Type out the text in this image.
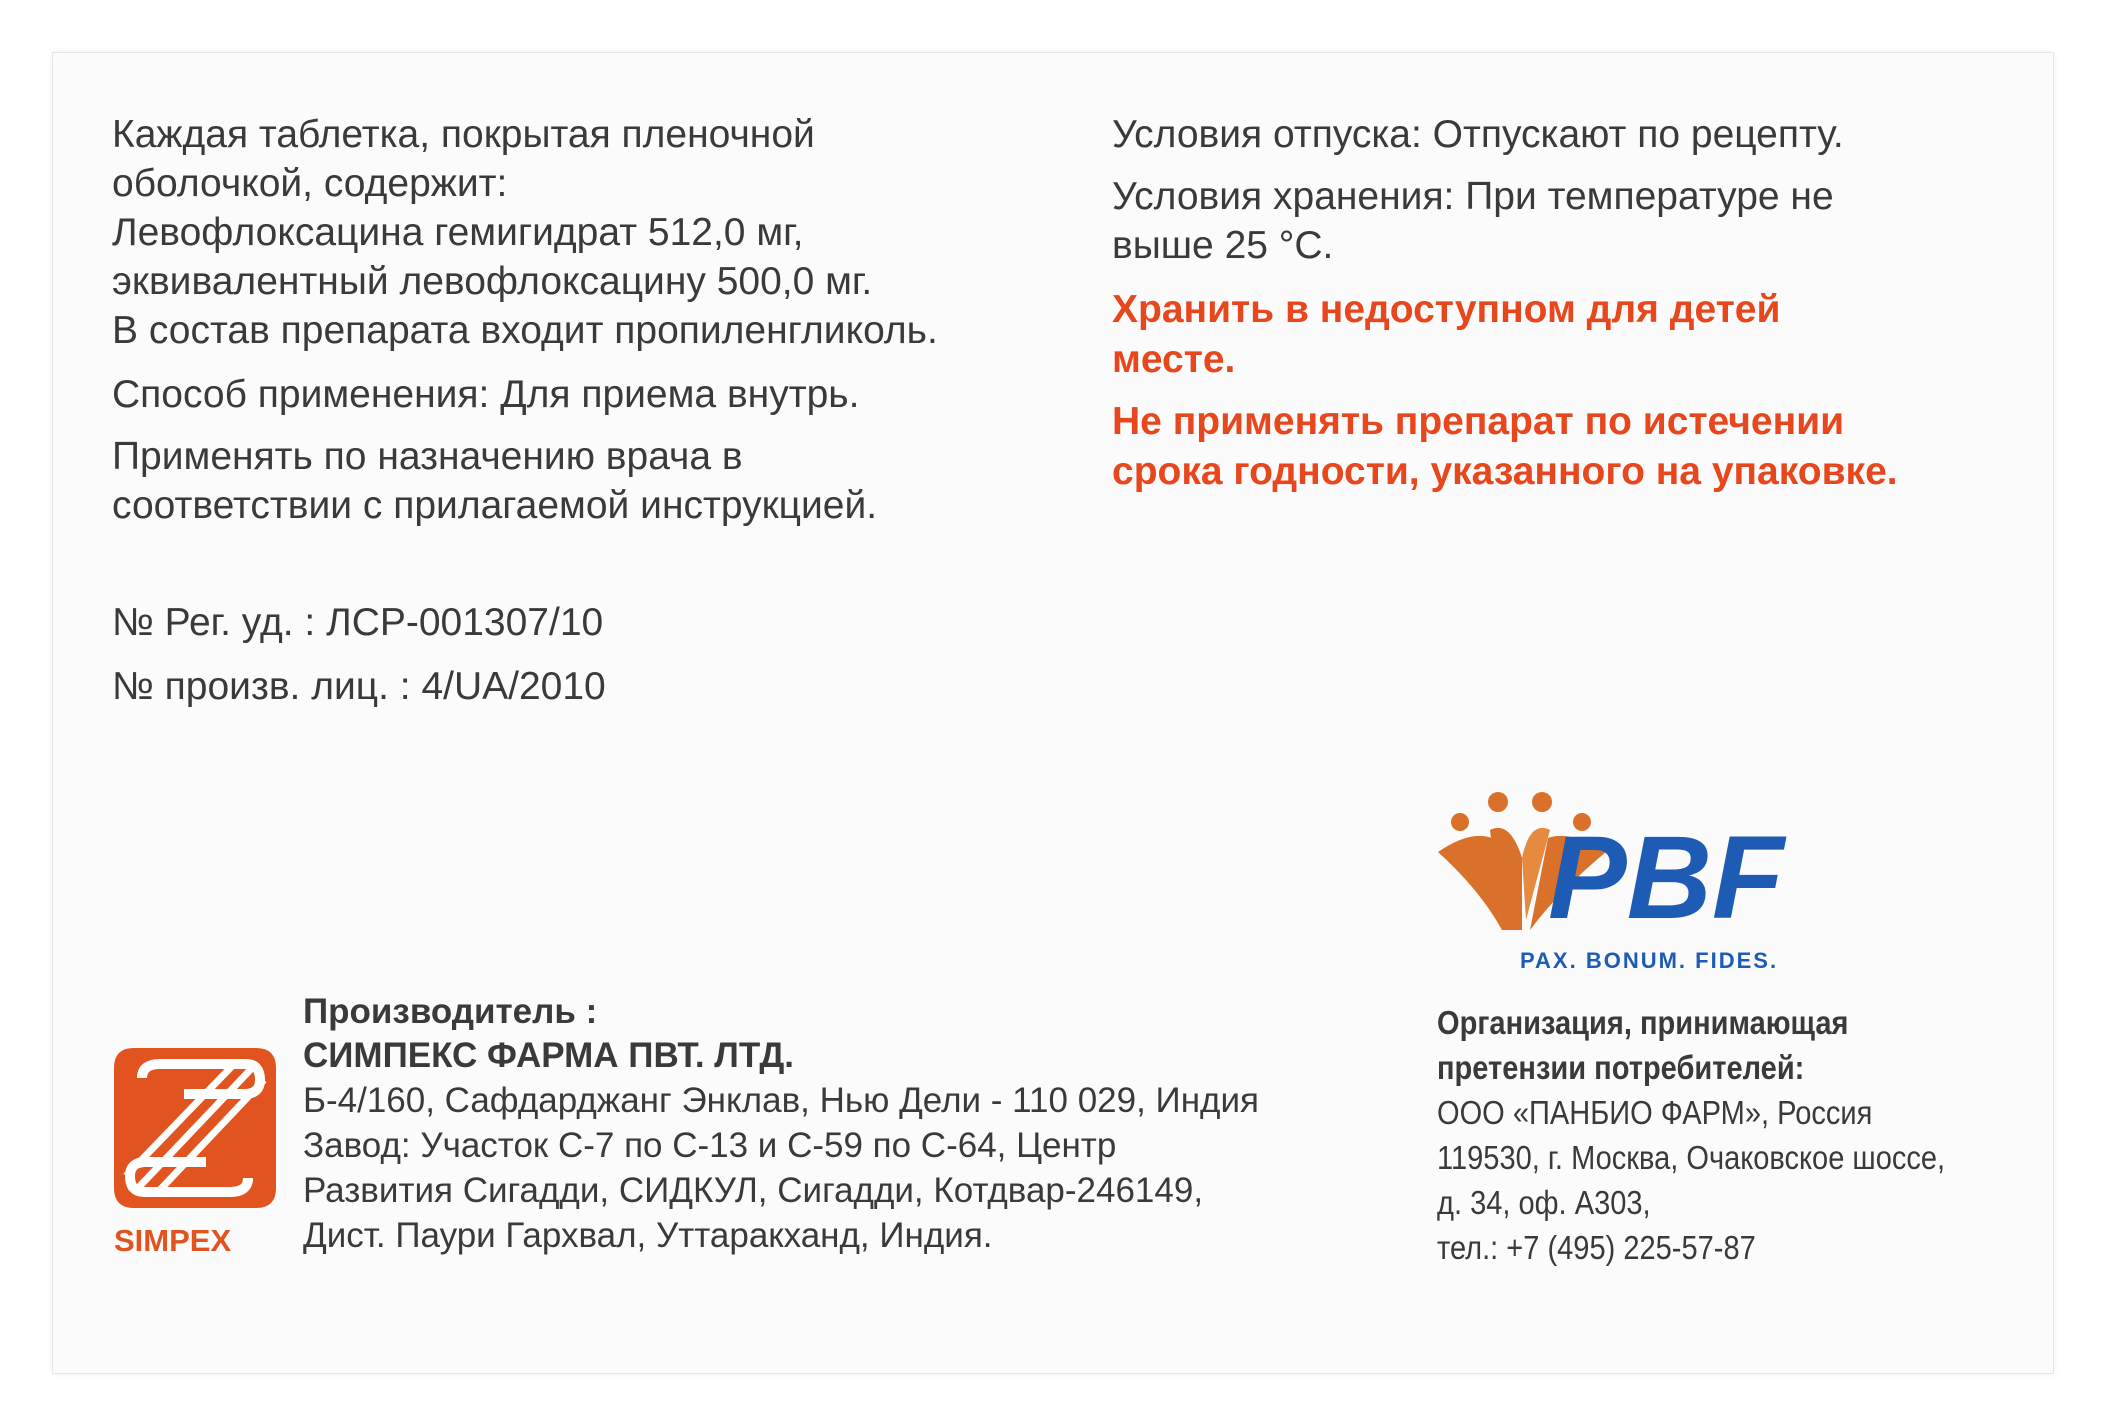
Каждая таблетка, покрытая пленочной

оболочкой, содержит:

Левофлоксацина гемигидрат 512,0 мг,

эквивалентный левофлоксацину 500,0 мг.

В состав препарата входит пропиленгликоль.

Способ применения: Для приема внутрь.

Применять по назначению врача в

соответствии с прилагаемой инструкцией.

№ Рег. уд. : ЛСР-001307/10

№ произв. лиц. : 4/UA/2010

Условия отпуска: Отпускают по рецепту.

Условия хранения: При температуре не

выше 25 °С.

Хранить в недоступном для детей

месте.

Не применять препарат по истечении

срока годности, указанного на упаковке.

PBF
PAX. BONUM. FIDES.
SIMPEX

Производитель :

СИМПЕКС ФАРМА ПВТ. ЛТД.

Б-4/160, Сафдарджанг Энклав, Нью Дели - 110 029, Индия

Завод: Участок С-7 по С-13 и С-59 по С-64, Центр

Развития Сигадди, СИДКУЛ, Сигадди, Котдвар-246149,

Дист. Паури Гархвал, Уттаракханд, Индия.

Организация, принимающая

претензии потребителей:

ООО «ПАНБИО ФАРМ», Россия

119530, г. Москва, Очаковское шоссе,

д. 34, оф. А303,

тел.: +7 (495) 225-57-87
